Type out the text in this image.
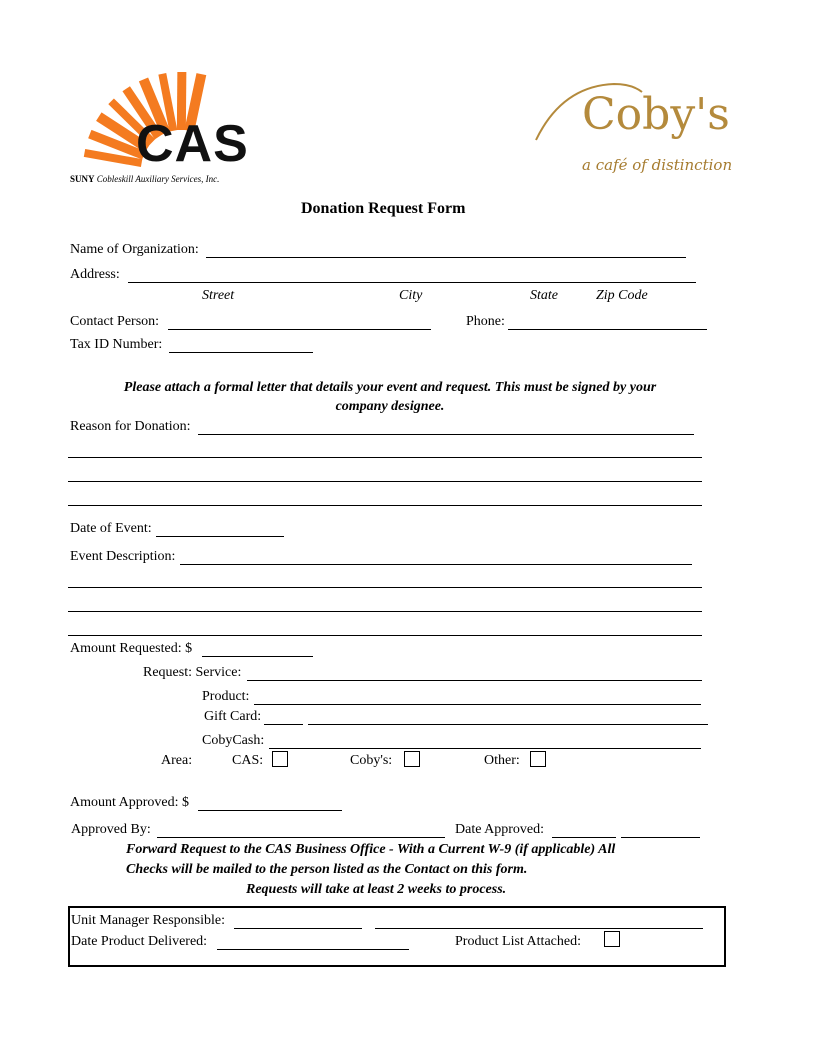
CAS
SUNY Cobleskill Auxiliary Services, Inc.
Coby's
a café of distinction
Donation Request Form
Name of Organization:
Address:
Street	City	State	Zip Code
Contact Person:	Phone:
Tax ID Number:
Please attach a formal letter that details your event and request. This must be signed by your
company designee.
Reason for Donation:
Date of Event:
Event Description:
Amount Requested: $
Request: Service:
Product:
Gift Card:
CobyCash:
Area:	CAS:	Coby's:	Other:
Amount Approved: $
Approved By:	Date Approved:
Forward Request to the CAS Business Office - With a Current W-9 (if applicable) All
Checks will be mailed to the person listed as the Contact on this form.
Requests will take at least 2 weeks to process.
Unit Manager Responsible:
Date Product Delivered:	Product List Attached:
